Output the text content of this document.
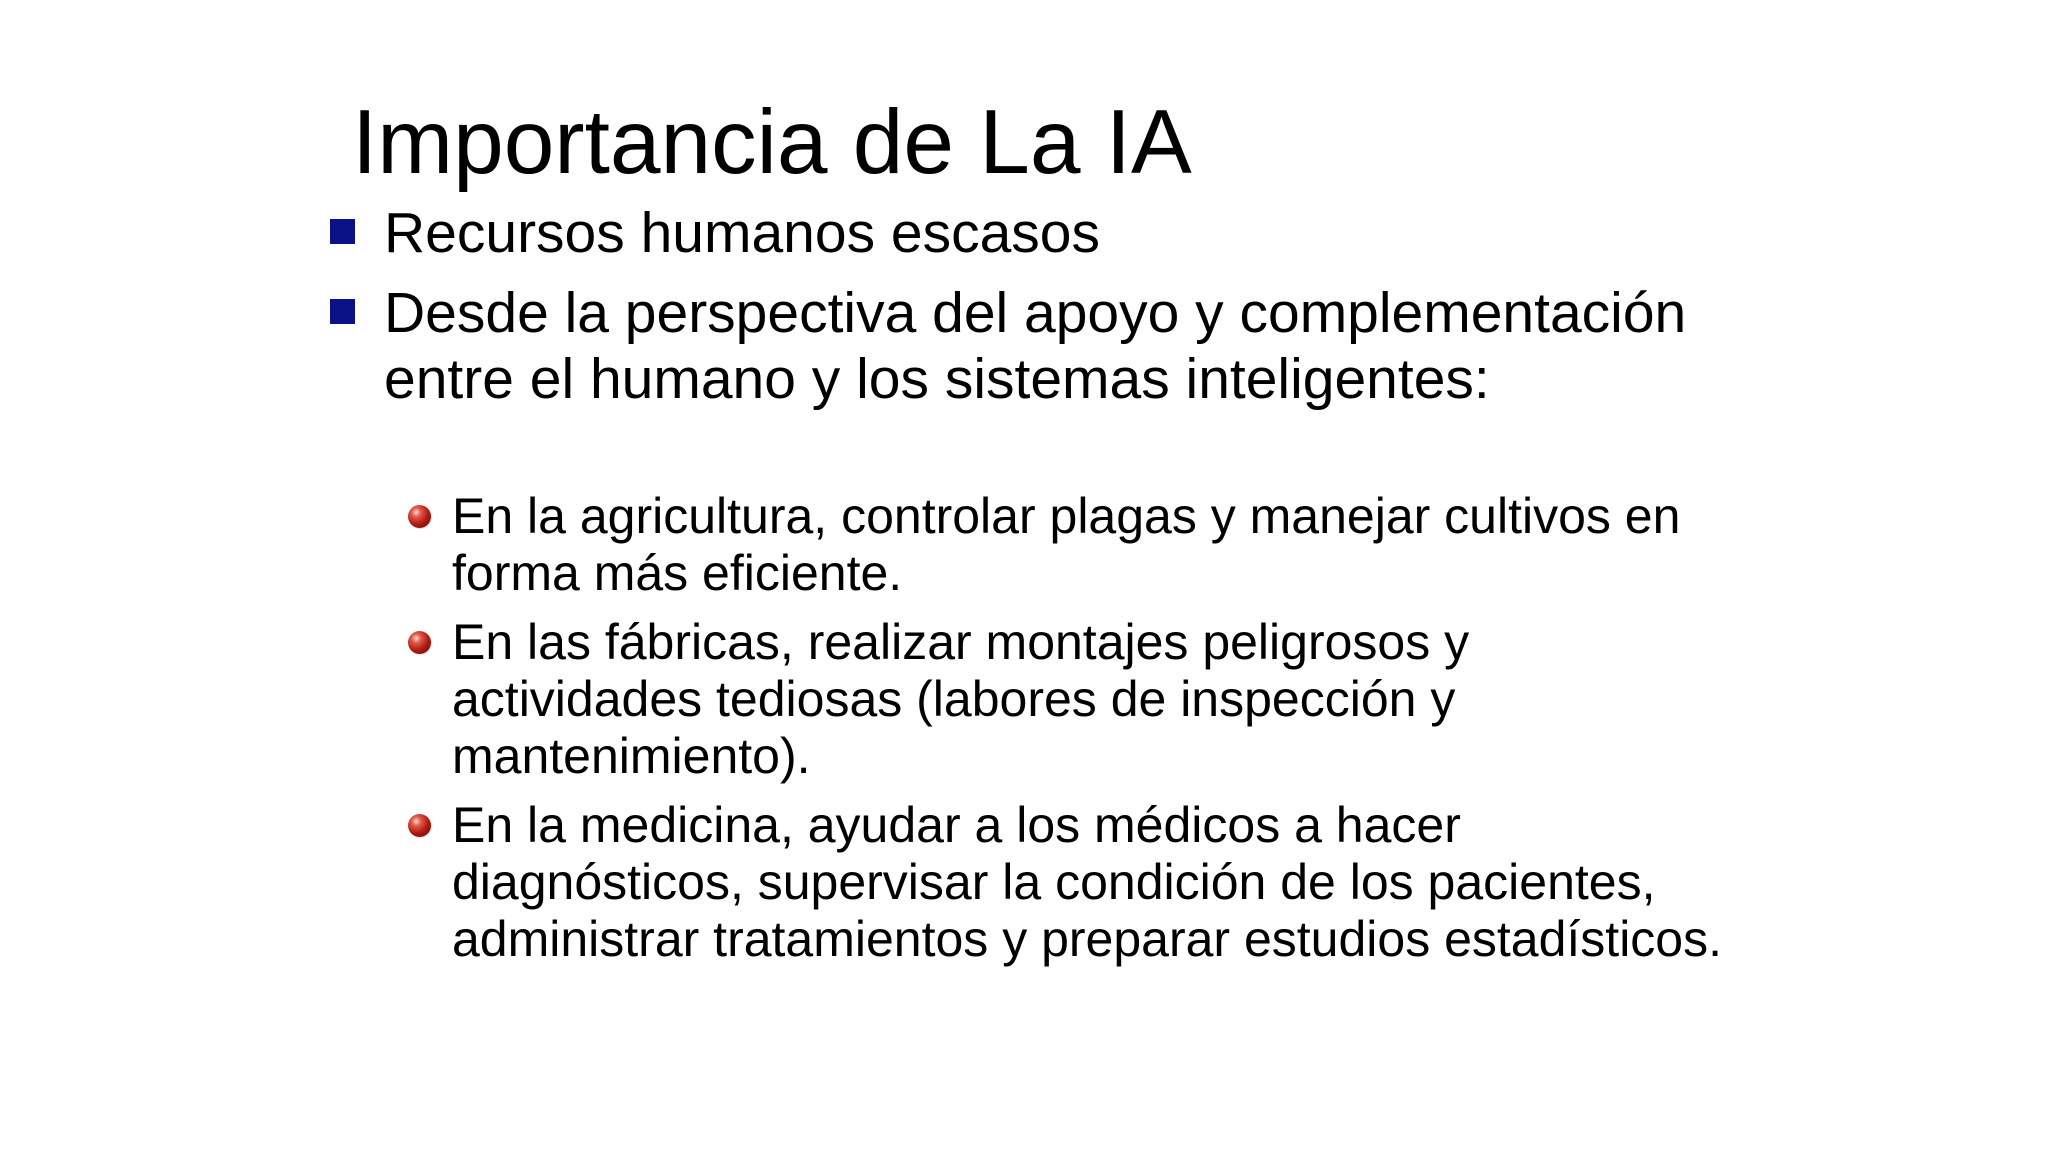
Importancia de La IA
Recursos humanos escasos
Desde la perspectiva del apoyo y complementación entre el humano y los sistemas inteligentes:
En la agricultura, controlar plagas y manejar cultivos en forma más eficiente.
En las fábricas, realizar montajes peligrosos y actividades tediosas (labores de inspección y mantenimiento).
En la medicina, ayudar a los médicos a hacer diagnósticos, supervisar la condición de los pacientes, administrar tratamientos y preparar estudios estadísticos.
